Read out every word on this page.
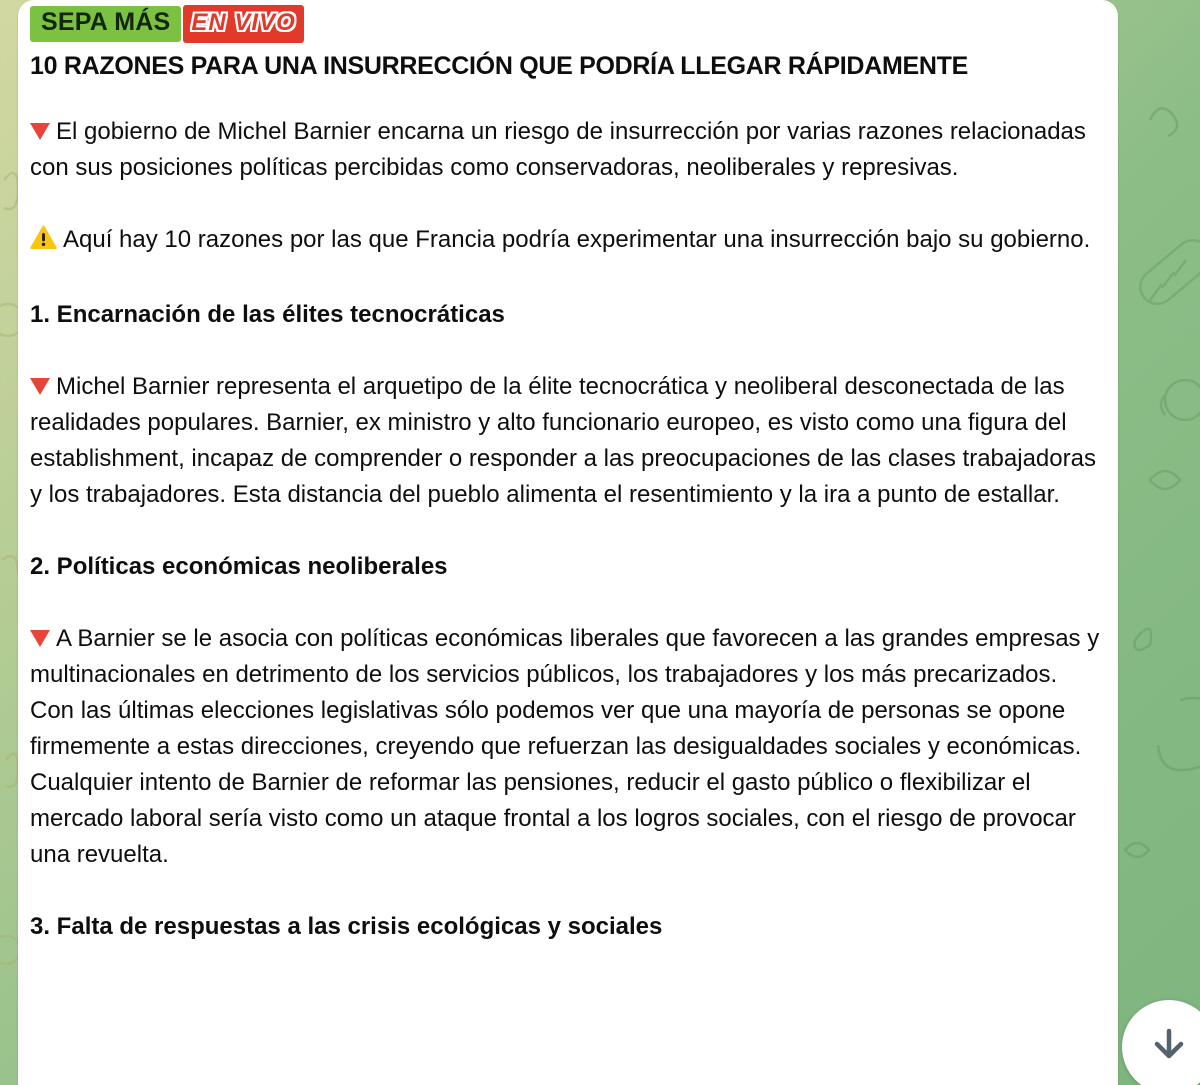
SEPA MÁS EN VIVO
10 RAZONES PARA UNA INSURRECCIÓN QUE PODRÍA LLEGAR RÁPIDAMENTE

El gobierno de Michel Barnier encarna un riesgo de insurrección por varias razones relacionadas con sus posiciones políticas percibidas como conservadoras, neoliberales y represivas.

Aquí hay 10 razones por las que Francia podría experimentar una insurrección bajo su gobierno.

1. Encarnación de las élites tecnocráticas

Michel Barnier representa el arquetipo de la élite tecnocrática y neoliberal desconectada de las realidades populares. Barnier, ex ministro y alto funcionario europeo, es visto como una figura del establishment, incapaz de comprender o responder a las preocupaciones de las clases trabajadoras y los trabajadores. Esta distancia del pueblo alimenta el resentimiento y la ira a punto de estallar.

2. Políticas económicas neoliberales

A Barnier se le asocia con políticas económicas liberales que favorecen a las grandes empresas y multinacionales en detrimento de los servicios públicos, los trabajadores y los más precarizados. Con las últimas elecciones legislativas sólo podemos ver que una mayoría de personas se opone firmemente a estas direcciones, creyendo que refuerzan las desigualdades sociales y económicas. Cualquier intento de Barnier de reformar las pensiones, reducir el gasto público o flexibilizar el mercado laboral sería visto como un ataque frontal a los logros sociales, con el riesgo de provocar una revuelta.

3. Falta de respuestas a las crisis ecológicas y sociales
